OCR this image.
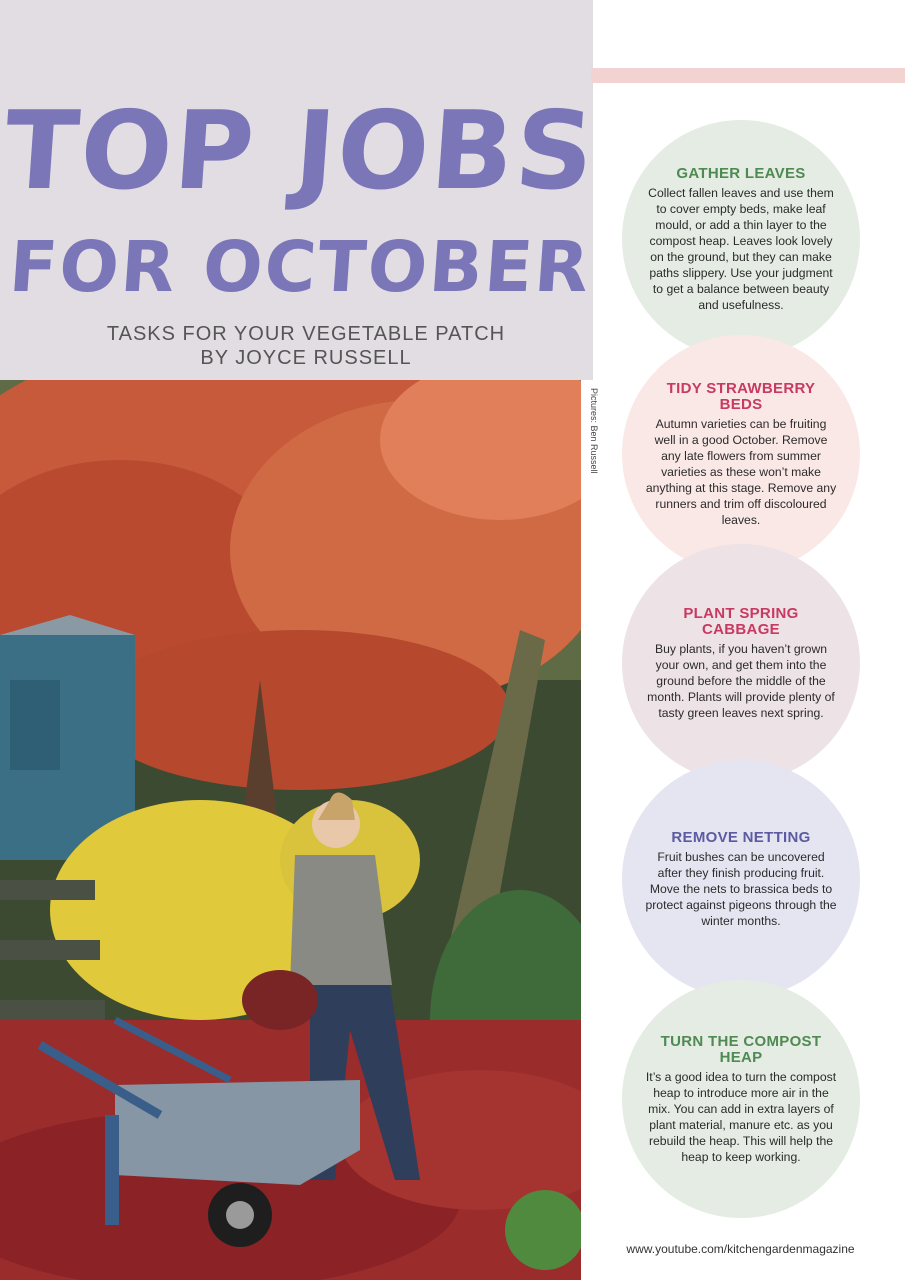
TOP JOBS
FOR OCTOBER
TASKS FOR YOUR VEGETABLE PATCH
BY JOYCE RUSSELL
Pictures: Ben Russell
GATHER LEAVES

Collect fallen leaves and use them to cover empty beds, make leaf mould, or add a thin layer to the compost heap. Leaves look lovely on the ground, but they can make paths slippery. Use your judgment to get a balance between beauty and usefulness.

TIDY STRAWBERRY BEDS

Autumn varieties can be fruiting well in a good October. Remove any late flowers from summer varieties as these won’t make anything at this stage. Remove any runners and trim off discoloured leaves.

PLANT SPRING CABBAGE

Buy plants, if you haven’t grown your own, and get them into the ground before the middle of the month. Plants will provide plenty of tasty green leaves next spring.

REMOVE NETTING

Fruit bushes can be uncovered after they finish producing fruit. Move the nets to brassica beds to protect against pigeons through the winter months.

TURN THE COMPOST HEAP

It’s a good idea to turn the compost heap to introduce more air in the mix. You can add in extra layers of plant material, manure etc. as you rebuild the heap. This will help the heap to keep working.

www.youtube.com/kitchengardenmagazine
